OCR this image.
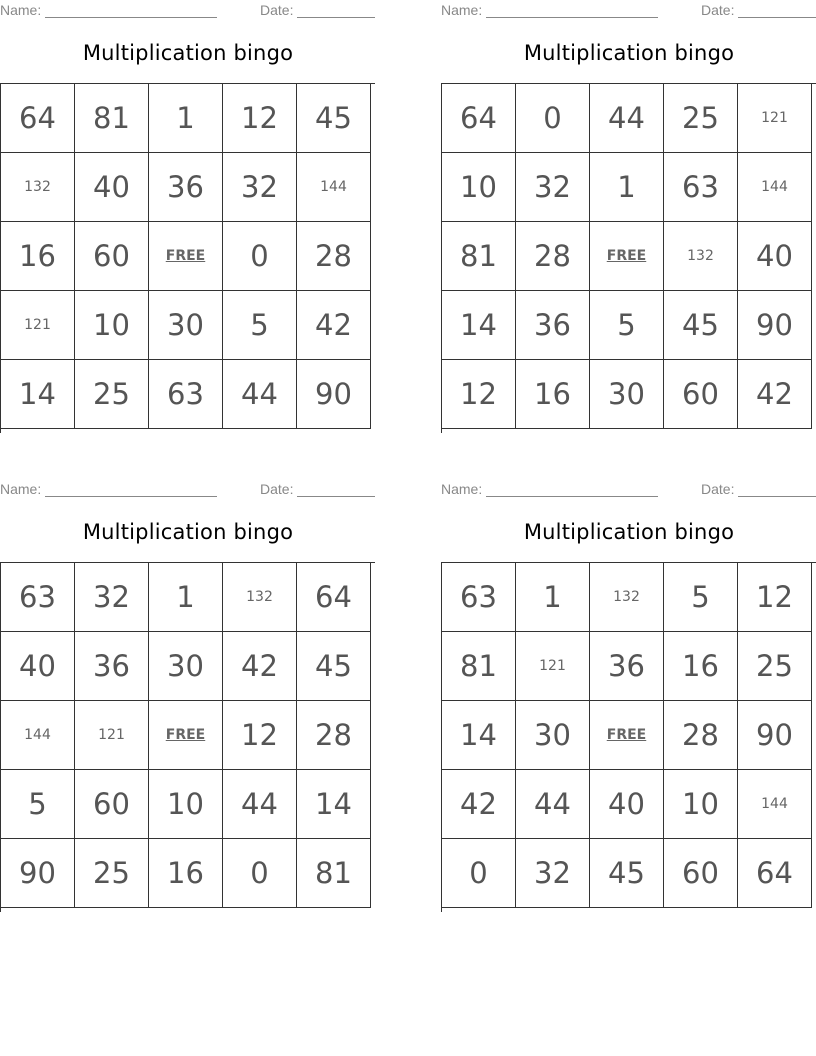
Name:	Date:
Multiplication bingo
64	81	1	12	45
132	40	36	32	144
16	60	FREE	0	28
121	10	30	5	42
14	25	63	44	90
Name:	Date:
Multiplication bingo
64	0	44	25	121
10	32	1	63	144
81	28	FREE	132	40
14	36	5	45	90
12	16	30	60	42
Name:	Date:
Multiplication bingo
63	32	1	132	64
40	36	30	42	45
144	121	FREE	12	28
5	60	10	44	14
90	25	16	0	81
Name:	Date:
Multiplication bingo
63	1	132	5	12
81	121	36	16	25
14	30	FREE	28	90
42	44	40	10	144
0	32	45	60	64
